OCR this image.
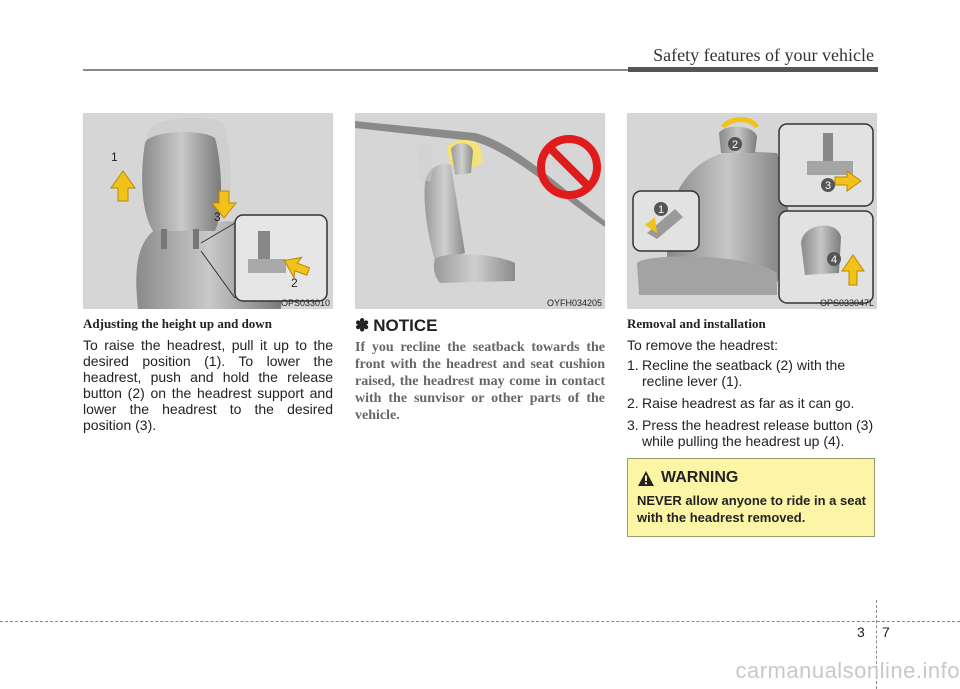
Safety features of your vehicle
1
3
2
OPS033010	OYFH034205
2
1
3
4
OPS033047L

Adjusting the height up and down

To raise the headrest, pull it up to the desired position (1). To lower the headrest, push and hold the release button (2) on the headrest support and lower the headrest to the desired position (3).

✽ NOTICE

If you recline the seatback towards the front with the headrest and seat cushion raised, the headrest may come in contact with the sunvisor or other parts of the vehicle.

Removal and installation

To remove the headrest:

1. Recline the seatback (2) with the recline lever (1).
2. Raise headrest as far as it can go.
3. Press the headrest release button (3) while pulling the headrest up (4).
WARNING
NEVER allow anyone to ride in a seat with the headrest removed.
3 7
carmanualsonline.info
